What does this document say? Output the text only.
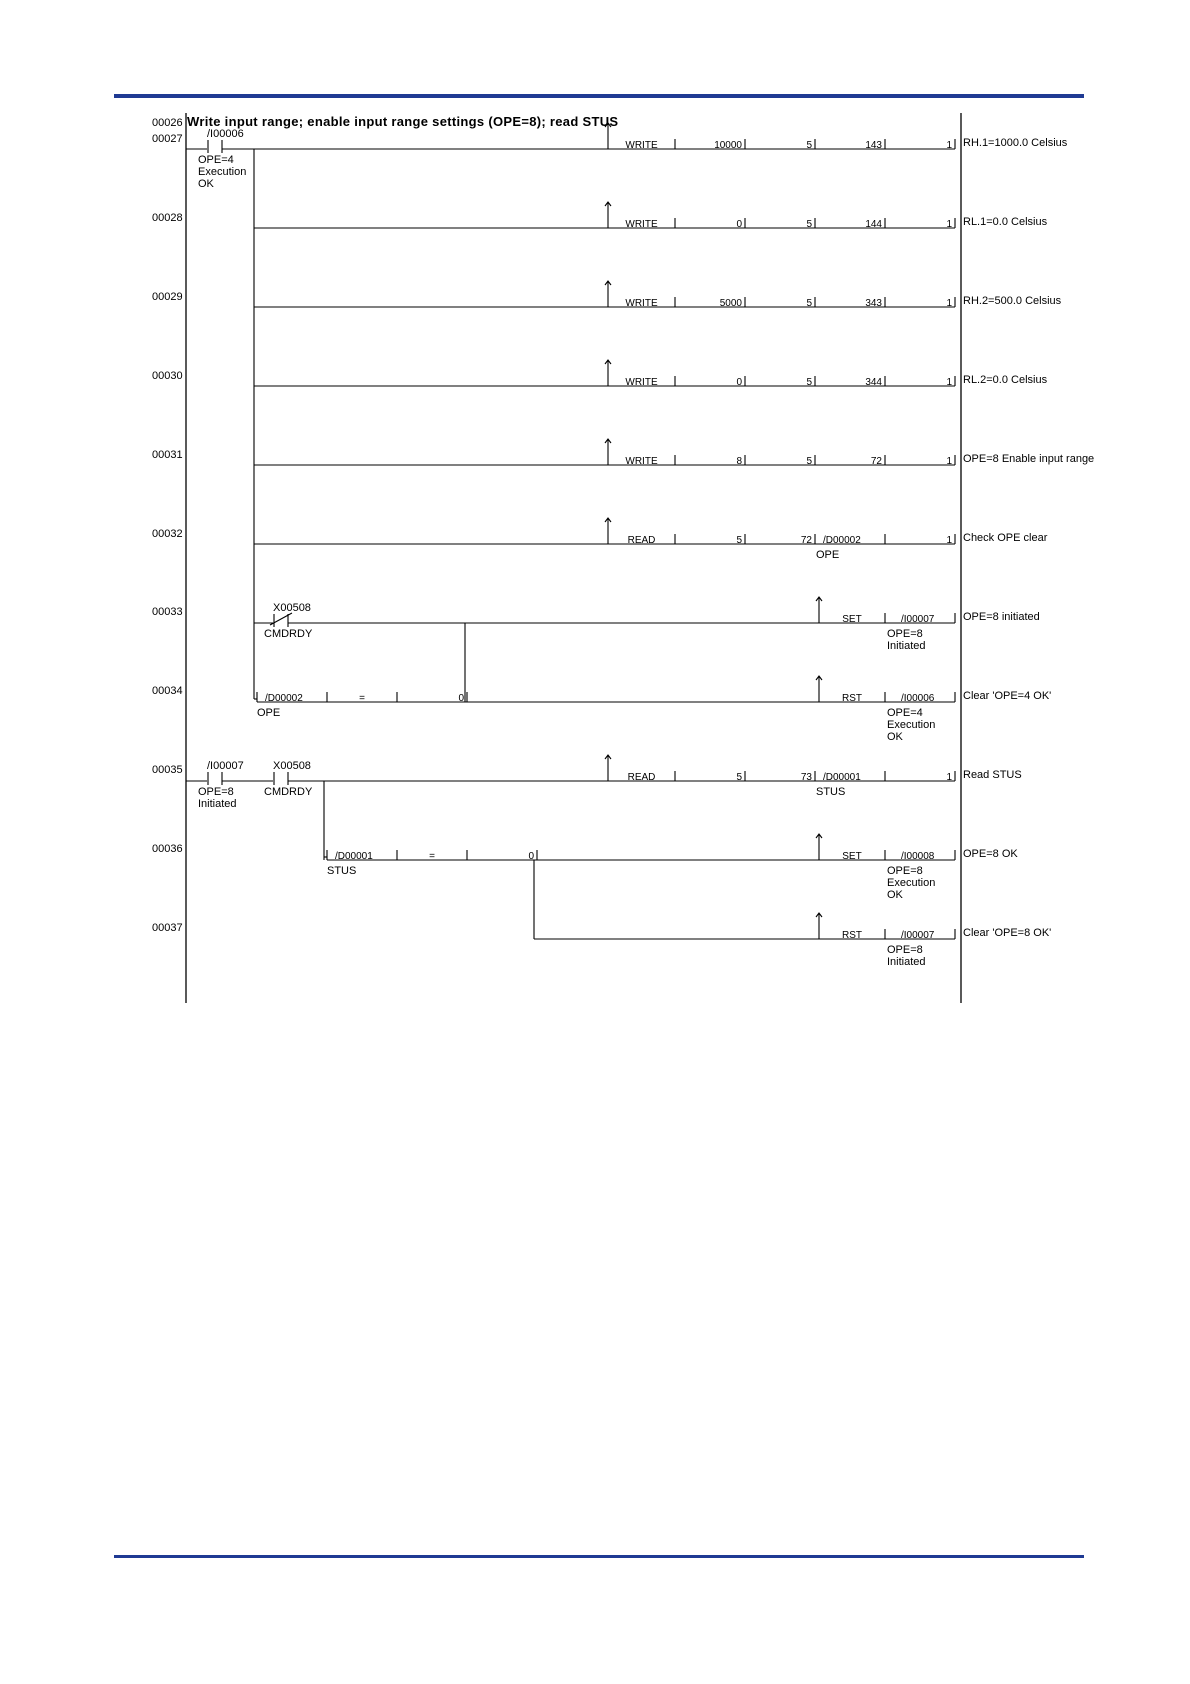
Write input range; enable input range settings (OPE=8); read STUS
00026
00027
00028
00029
00030
00031
00032
00033
00034
00035
00036
00037
/I00006
OPE=4
Execution
OK
WRITE	10000	5	143	1 RH.1=1000.0 Celsius
WRITE	0	5	144	1 RL.1=0.0 Celsius
WRITE	5000	5	343	1 RH.2=500.0 Celsius
WRITE	0	5	344	1 RL.2=0.0 Celsius
WRITE	8	5	72	1 OPE=8 Enable input range
READ	5	72 /D00002	1
OPE
Check OPE clear
X00508
CMDRDY
SET	/I00007
OPE=8
Initiated
OPE=8 initiated
/D00002	=	0
OPE
RST	/I00006
OPE=4
Execution
OK
Clear 'OPE=4 OK'
/I00007
OPE=8
Initiated
X00508
CMDRDY
READ	5	73 /D00001	1
STUS
Read STUS
/D00001	=	0
STUS
SET	/I00008
OPE=8
Execution
OK
OPE=8 OK
RST	/I00007
OPE=8
Initiated
Clear 'OPE=8 OK'
